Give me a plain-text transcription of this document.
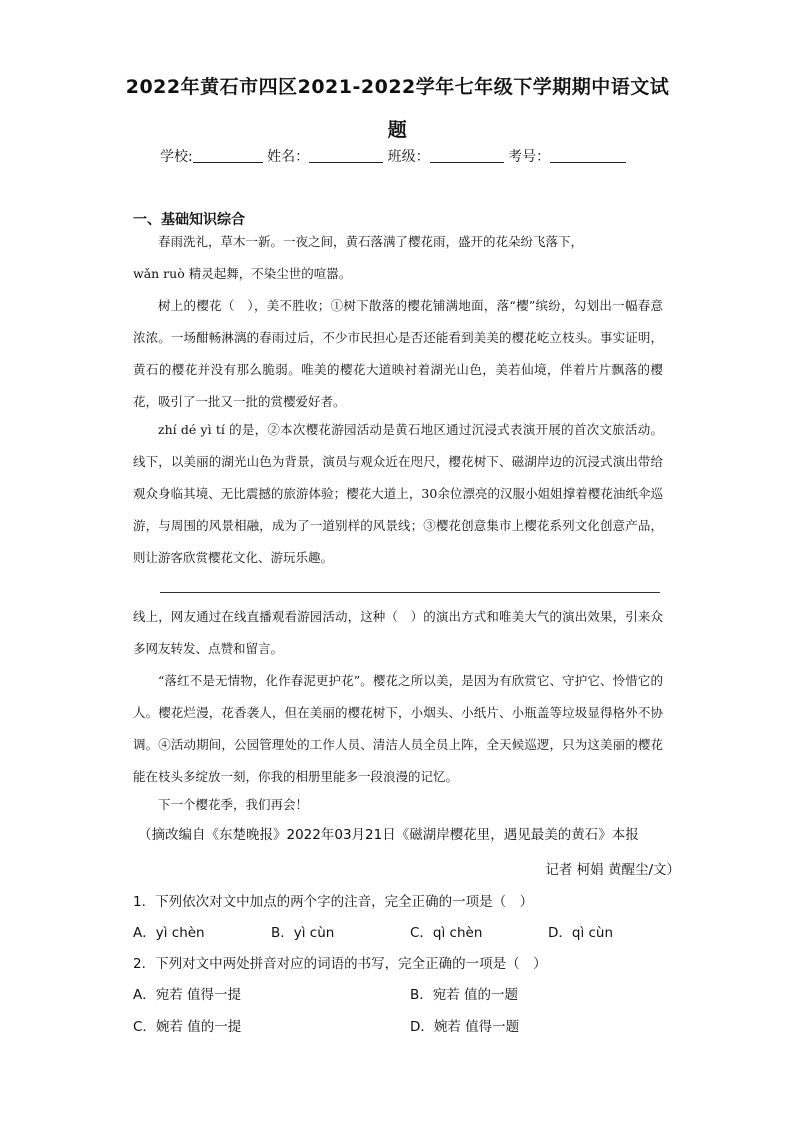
2022年黄石市四区2021-2022学年七年级下学期期中语文试
题
学校:	姓名：	班级：	考号：
一、基础知识综合
春雨洗礼，草木一新。一夜之间，黄石落满了樱花雨，盛开的花朵纷飞落下，
wǎn ruò 精灵起舞，不染尘世的喧嚣。
树上的樱花（　），美不胜收；①树下散落的樱花铺满地面，落“樱”缤纷，勾划出一幅春意浓浓。一场酣畅淋漓的春雨过后，不少市民担心是否还能看到美美的樱花屹立枝头。事实证明，黄石的樱花并没有那么脆弱。唯美的樱花大道映衬着湖光山色，美若仙境，伴着片片飘落的樱花，吸引了一批又一批的赏樱爱好者。
zhí dé yì tí 的是，②本次樱花游园活动是黄石地区通过沉浸式表演开展的首次文旅活动。线下，以美丽的湖光山色为背景，演员与观众近在咫尺，樱花树下、磁湖岸边的沉浸式演出带给观众身临其境、无比震撼的旅游体验；樱花大道上，30余位漂亮的汉服小姐姐撑着樱花油纸伞巡游，与周围的风景相融，成为了一道别样的风景线；③樱花创意集市上樱花系列文化创意产品，则让游客欣赏樱花文化、游玩乐趣。
线上，网友通过在线直播观看游园活动，这种（　）的演出方式和唯美大气的演出效果，引来众多网友转发、点赞和留言。
“落红不是无情物，化作春泥更护花”。樱花之所以美，是因为有欣赏它、守护它、怜惜它的人。樱花烂漫，花香袭人，但在美丽的樱花树下，小烟头、小纸片、小瓶盖等垃圾显得格外不协调。④活动期间，公园管理处的工作人员、清洁人员全员上阵，全天候巡逻，只为这美丽的樱花能在枝头多绽放一刻，你我的相册里能多一段浪漫的记忆。
下一个樱花季，我们再会！
（摘改编自《东楚晚报》2022年03月21日《磁湖岸樱花里，遇见最美的黄石》本报
记者 柯娟 黄醒尘/文）
1．下列依次对文中加点的两个字的注音，完全正确的一项是（　）
A．yì chèn	B．yì cùn	C．qì chèn	D．qì cùn
2．下列对文中两处拼音对应的词语的书写，完全正确的一项是（　）
A．宛若 值得一提	B．宛若 值的一题
C．婉若 值的一提	D．婉若 值得一题
